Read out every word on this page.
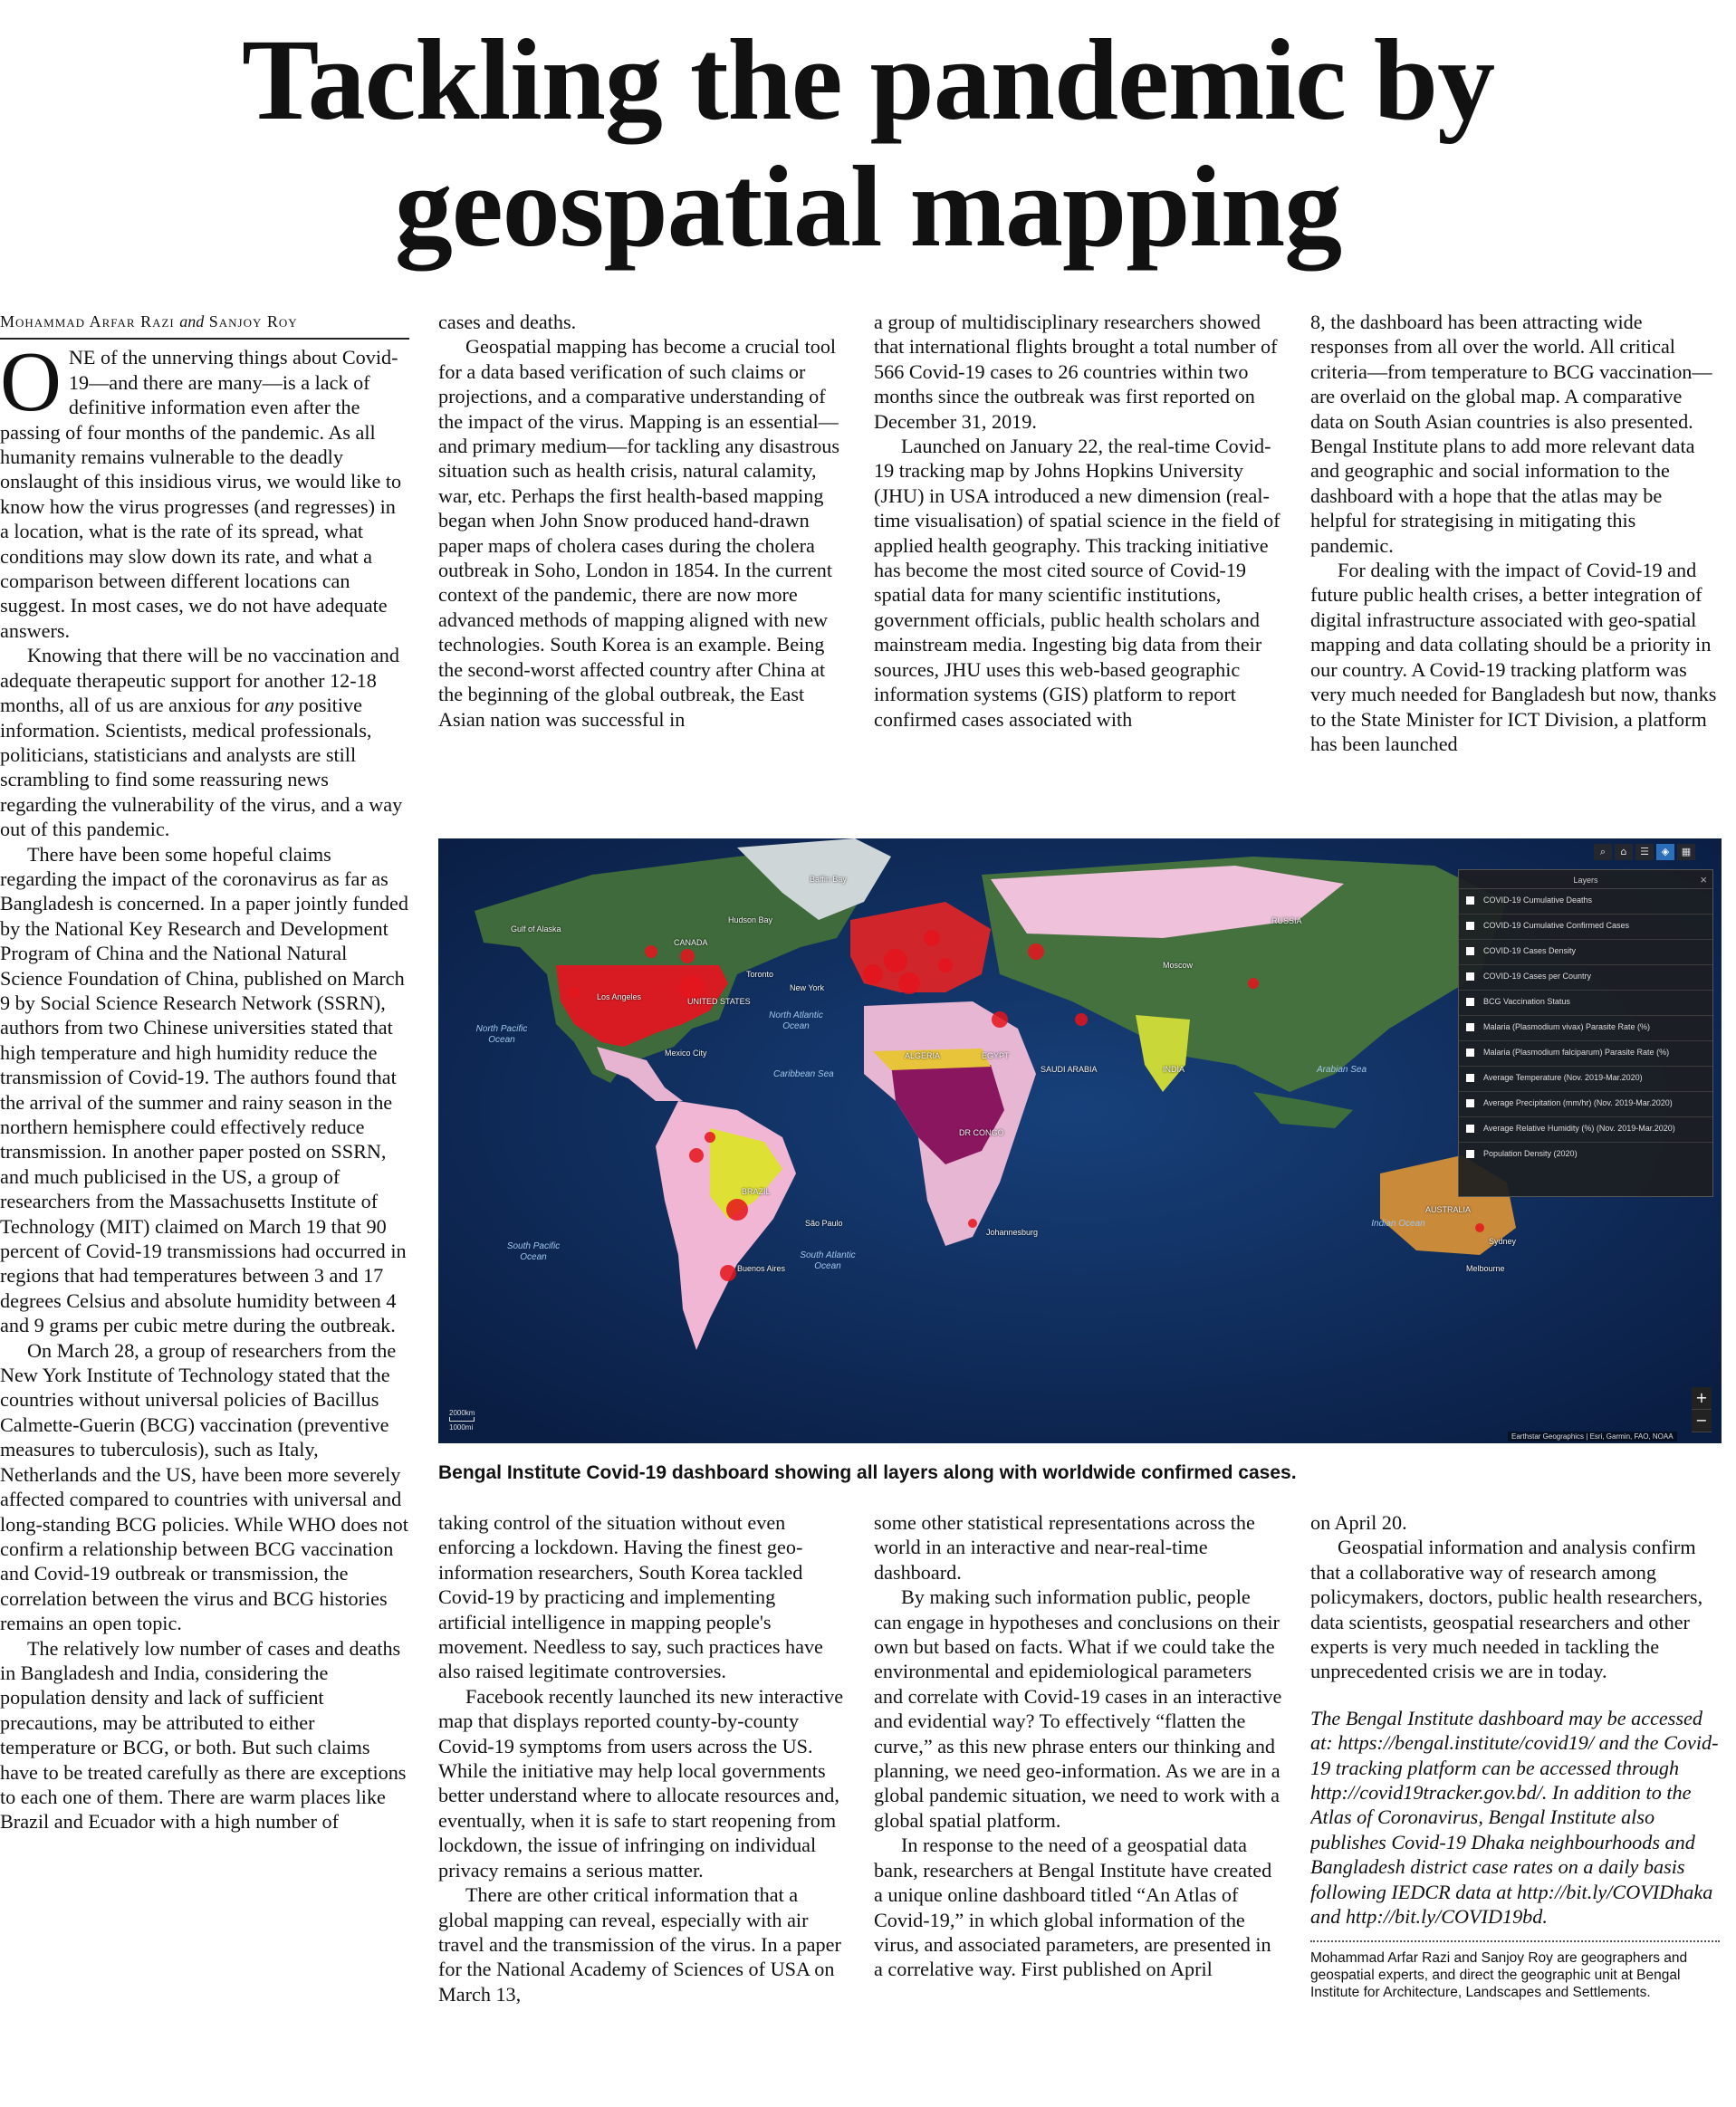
Tackling the pandemic by
geospatial mapping

Mohammad Arfar Razi and Sanjoy Roy

ONE of the unnerving things about Covid-19—and there are many—is a lack of definitive information even after the passing of four months of the pandemic. As all humanity remains vulnerable to the deadly onslaught of this insidious virus, we would like to know how the virus progresses (and regresses) in a location, what is the rate of its spread, what conditions may slow down its rate, and what a comparison between different locations can suggest. In most cases, we do not have adequate answers.

Knowing that there will be no vaccination and adequate therapeutic support for another 12-18 months, all of us are anxious for any positive information. Scientists, medical professionals, politicians, statisticians and analysts are still scrambling to find some reassuring news regarding the vulnerability of the virus, and a way out of this pandemic.

There have been some hopeful claims regarding the impact of the coronavirus as far as Bangladesh is concerned. In a paper jointly funded by the National Key Research and Development Program of China and the National Natural Science Foundation of China, published on March 9 by Social Science Research Network (SSRN), authors from two Chinese universities stated that high temperature and high humidity reduce the transmission of Covid-19. The authors found that the arrival of the summer and rainy season in the northern hemisphere could effectively reduce transmission. In another paper posted on SSRN, and much publicised in the US, a group of researchers from the Massachusetts Institute of Technology (MIT) claimed on March 19 that 90 percent of Covid-19 transmissions had occurred in regions that had temperatures between 3 and 17 degrees Celsius and absolute humidity between 4 and 9 grams per cubic metre during the outbreak.

On March 28, a group of researchers from the New York Institute of Technology stated that the countries without universal policies of Bacillus Calmette-Guerin (BCG) vaccination (preventive measures to tuberculosis), such as Italy, Netherlands and the US, have been more severely affected compared to countries with universal and long-standing BCG policies. While WHO does not confirm a relationship between BCG vaccination and Covid-19 outbreak or transmission, the correlation between the virus and BCG histories remains an open topic.

The relatively low number of cases and deaths in Bangladesh and India, considering the population density and lack of sufficient precautions, may be attributed to either temperature or BCG, or both. But such claims have to be treated carefully as there are exceptions to each one of them. There are warm places like Brazil and Ecuador with a high number of

cases and deaths.

Geospatial mapping has become a crucial tool for a data based verification of such claims or projections, and a comparative understanding of the impact of the virus. Mapping is an essential—and primary medium—for tackling any disastrous situation such as health crisis, natural calamity, war, etc. Perhaps the first health-based mapping began when John Snow produced hand-drawn paper maps of cholera cases during the cholera outbreak in Soho, London in 1854. In the current context of the pandemic, there are now more advanced methods of mapping aligned with new technologies. South Korea is an example. Being the second-worst affected country after China at the beginning of the global outbreak, the East Asian nation was successful in

a group of multidisciplinary researchers showed that international flights brought a total number of 566 Covid-19 cases to 26 countries within two months since the outbreak was first reported on December 31, 2019.

Launched on January 22, the real-time Covid-19 tracking map by Johns Hopkins University (JHU) in USA introduced a new dimension (real-time visualisation) of spatial science in the field of applied health geography. This tracking initiative has become the most cited source of Covid-19 spatial data for many scientific institutions, government officials, public health scholars and mainstream media. Ingesting big data from their sources, JHU uses this web-based geographic information systems (GIS) platform to report confirmed cases associated with

8, the dashboard has been attracting wide responses from all over the world. All critical criteria—from temperature to BCG vaccination—are overlaid on the global map. A comparative data on South Asian countries is also presented. Bengal Institute plans to add more relevant data and geographic and social information to the dashboard with a hope that the atlas may be helpful for strategising in mitigating this pandemic.

For dealing with the impact of Covid-19 and future public health crises, a better integration of digital infrastructure associated with geo-spatial mapping and data collating should be a priority in our country. A Covid-19 tracking platform was very much needed for Bangladesh but now, thanks to the State Minister for ICT Division, a platform has been launched

North Pacific Ocean
North Atlantic Ocean
South Pacific Ocean	South Atlantic Ocean
Indian Ocean
Arabian Sea
Caribbean Sea
CANADA
UNITED STATES
Toronto
New York
Los Angeles
Mexico City
BRAZIL
São Paulo
Buenos Aires
RUSSIA
Moscow
ALGERIA	EGYPT
SAUDI ARABIA	INDIA
DR CONGO
Johannesburg
AUSTRALIA
Sydney
Melbourne
Baffin Bay
Hudson Bay
Gulf of Alaska
⌕	⌂	☰	◈	▦
Layers	×
COVID-19 Cumulative Deaths
COVID-19 Cumulative Confirmed Cases
COVID-19 Cases Density
COVID-19 Cases per Country
BCG Vaccination Status
Malaria (Plasmodium vivax) Parasite Rate (%)
Malaria (Plasmodium falciparum) Parasite Rate (%)
Average Temperature (Nov. 2019-Mar.2020)
Average Precipitation (mm/hr) (Nov. 2019-Mar.2020)
Average Relative Humidity (%) (Nov. 2019-Mar.2020)
Population Density (2020)
+
−
2000km
1000mi
Earthstar Geographics | Esri, Garmin, FAO, NOAA
Bengal Institute Covid-19 dashboard showing all layers along with worldwide confirmed cases.

taking control of the situation without even enforcing a lockdown. Having the finest geo-information researchers, South Korea tackled Covid-19 by practicing and implementing artificial intelligence in mapping people's movement. Needless to say, such practices have also raised legitimate controversies.

Facebook recently launched its new interactive map that displays reported county-by-county Covid-19 symptoms from users across the US. While the initiative may help local governments better understand where to allocate resources and, eventually, when it is safe to start reopening from lockdown, the issue of infringing on individual privacy remains a serious matter.

There are other critical information that a global mapping can reveal, especially with air travel and the transmission of the virus. In a paper for the National Academy of Sciences of USA on March 13,

some other statistical representations across the world in an interactive and near-real-time dashboard.

By making such information public, people can engage in hypotheses and conclusions on their own but based on facts. What if we could take the environmental and epidemiological parameters and correlate with Covid-19 cases in an interactive and evidential way? To effectively “flatten the curve,” as this new phrase enters our thinking and planning, we need geo-information. As we are in a global pandemic situation, we need to work with a global spatial platform.

In response to the need of a geospatial data bank, researchers at Bengal Institute have created a unique online dashboard titled “An Atlas of Covid-19,” in which global information of the virus, and associated parameters, are presented in a correlative way. First published on April

on April 20.

Geospatial information and analysis confirm that a collaborative way of research among policymakers, doctors, public health researchers, data scientists, geospatial researchers and other experts is very much needed in tackling the unprecedented crisis we are in today.

The Bengal Institute dashboard may be accessed at: https://bengal.institute/covid19/ and the Covid-19 tracking platform can be accessed through http://covid19tracker.gov.bd/. In addition to the Atlas of Coronavirus, Bengal Institute also publishes Covid-19 Dhaka neighbourhoods and Bangladesh district case rates on a daily basis following IEDCR data at http://bit.ly/COVIDhaka and http://bit.ly/COVID19bd.

Mohammad Arfar Razi and Sanjoy Roy are geographers and geospatial experts, and direct the geographic unit at Bengal Institute for Architecture, Landscapes and Settlements.
